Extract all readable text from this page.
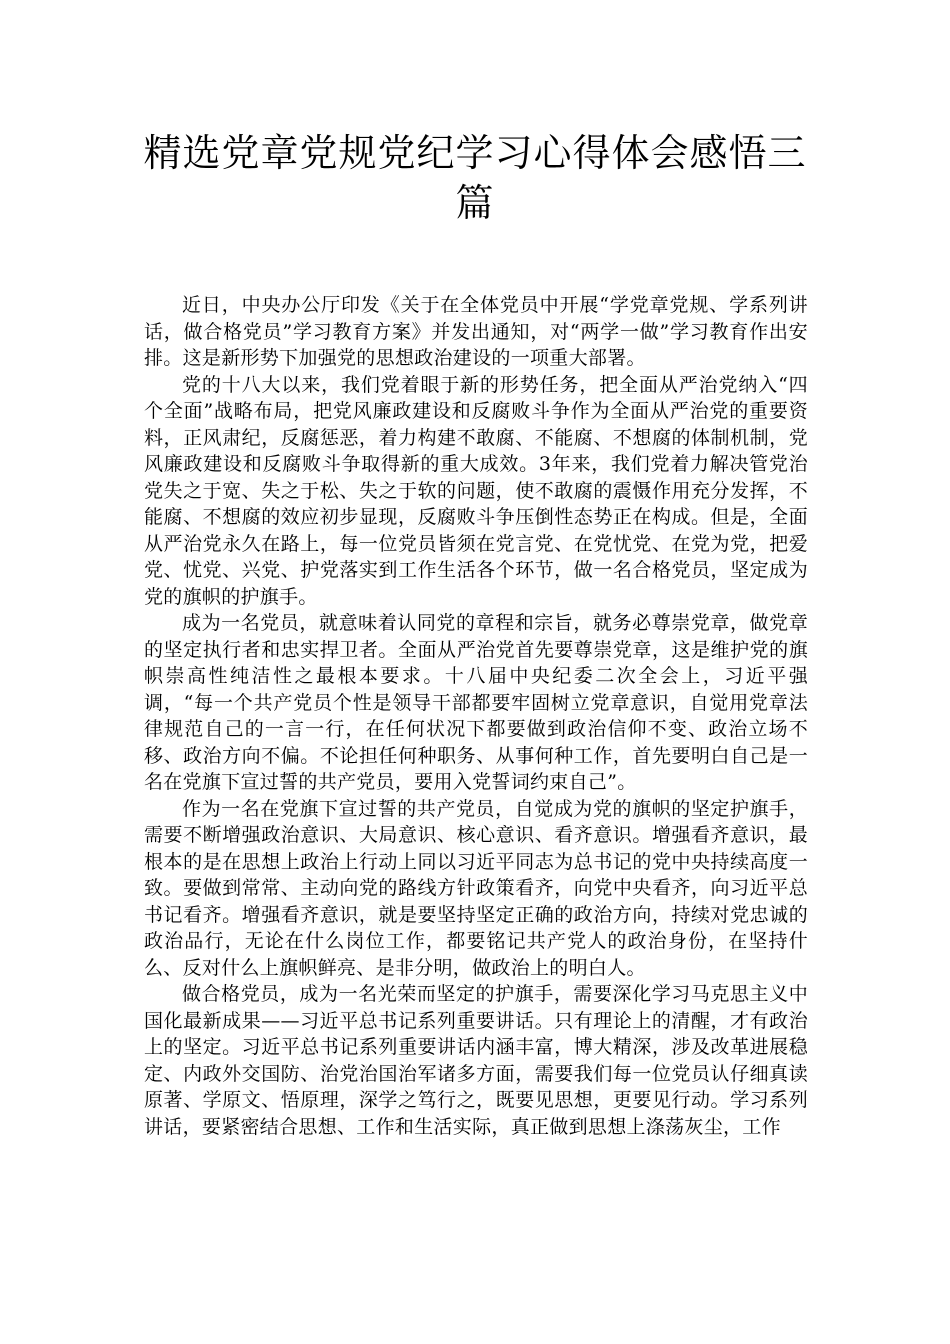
精选党章党规党纪学习心得体会感悟三篇

近日，中央办公厅印发《关于在全体党员中开展“学党章党规、学系列讲话，做合格党员”学习教育方案》并发出通知，对“两学一做”学习教育作出安排。这是新形势下加强党的思想政治建设的一项重大部署。

党的十八大以来，我们党着眼于新的形势任务，把全面从严治党纳入“四个全面”战略布局，把党风廉政建设和反腐败斗争作为全面从严治党的重要资料，正风肃纪，反腐惩恶，着力构建不敢腐、不能腐、不想腐的体制机制，党风廉政建设和反腐败斗争取得新的重大成效。3年来，我们党着力解决管党治党失之于宽、失之于松、失之于软的问题，使不敢腐的震慑作用充分发挥，不能腐、不想腐的效应初步显现，反腐败斗争压倒性态势正在构成。但是，全面从严治党永久在路上，每一位党员皆须在党言党、在党忧党、在党为党，把爱党、忧党、兴党、护党落实到工作生活各个环节，做一名合格党员，坚定成为党的旗帜的护旗手。

成为一名党员，就意味着认同党的章程和宗旨，就务必尊崇党章，做党章的坚定执行者和忠实捍卫者。全面从严治党首先要尊崇党章，这是维护党的旗帜崇高性纯洁性之最根本要求。十八届中央纪委二次全会上，习近平强调，“每一个共产党员个性是领导干部都要牢固树立党章意识，自觉用党章法律规范自己的一言一行，在任何状况下都要做到政治信仰不变、政治立场不移、政治方向不偏。不论担任何种职务、从事何种工作，首先要明白自己是一名在党旗下宣过誓的共产党员，要用入党誓词约束自己”。

作为一名在党旗下宣过誓的共产党员，自觉成为党的旗帜的坚定护旗手，需要不断增强政治意识、大局意识、核心意识、看齐意识。增强看齐意识，最根本的是在思想上政治上行动上同以习近平同志为总书记的党中央持续高度一致。要做到常常、主动向党的路线方针政策看齐，向党中央看齐，向习近平总书记看齐。增强看齐意识，就是要坚持坚定正确的政治方向，持续对党忠诚的政治品行，无论在什么岗位工作，都要铭记共产党人的政治身份，在坚持什么、反对什么上旗帜鲜亮、是非分明，做政治上的明白人。

做合格党员，成为一名光荣而坚定的护旗手，需要深化学习马克思主义中国化最新成果——习近平总书记系列重要讲话。只有理论上的清醒，才有政治上的坚定。习近平总书记系列重要讲话内涵丰富，博大精深，涉及改革进展稳定、内政外交国防、治党治国治军诸多方面，需要我们每一位党员认仔细真读原著、学原文、悟原理，深学之笃行之，既要见思想，更要见行动。学习系列讲话，要紧密结合思想、工作和生活实际，真正做到思想上涤荡灰尘，工作
